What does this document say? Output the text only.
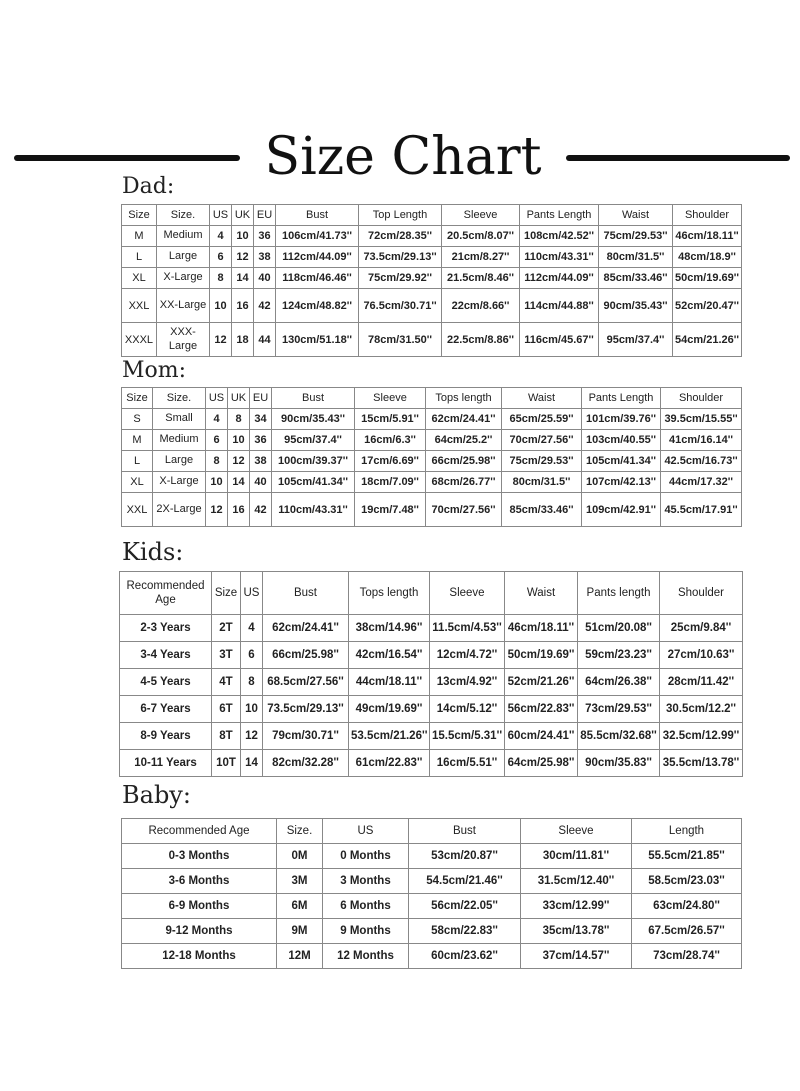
Size Chart
Dad:
Size	Size.	US	UK	EU	Bust	Top Length	Sleeve	Pants Length	Waist	Shoulder
M	Medium	4	10	36	106cm/41.73''	72cm/28.35''	20.5cm/8.07''	108cm/42.52''	75cm/29.53''	46cm/18.11''
L	Large	6	12	38	112cm/44.09''	73.5cm/29.13''	21cm/8.27''	110cm/43.31''	80cm/31.5''	48cm/18.9''
XL	X-Large	8	14	40	118cm/46.46''	75cm/29.92''	21.5cm/8.46''	112cm/44.09''	85cm/33.46''	50cm/19.69''
XXL	XX-Large	10	16	42	124cm/48.82''	76.5cm/30.71''	22cm/8.66''	114cm/44.88''	90cm/35.43''	52cm/20.47''
XXXL	XXX-Large	12	18	44	130cm/51.18''	78cm/31.50''	22.5cm/8.86''	116cm/45.67''	95cm/37.4''	54cm/21.26''
Mom:
Size	Size.	US	UK	EU	Bust	Sleeve	Tops length	Waist	Pants Length	Shoulder
S	Small	4	8	34	90cm/35.43''	15cm/5.91''	62cm/24.41''	65cm/25.59''	101cm/39.76''	39.5cm/15.55''
M	Medium	6	10	36	95cm/37.4''	16cm/6.3''	64cm/25.2''	70cm/27.56''	103cm/40.55''	41cm/16.14''
L	Large	8	12	38	100cm/39.37''	17cm/6.69''	66cm/25.98''	75cm/29.53''	105cm/41.34''	42.5cm/16.73''
XL	X-Large	10	14	40	105cm/41.34''	18cm/7.09''	68cm/26.77''	80cm/31.5''	107cm/42.13''	44cm/17.32''
XXL	2X-Large	12	16	42	110cm/43.31''	19cm/7.48''	70cm/27.56''	85cm/33.46''	109cm/42.91''	45.5cm/17.91''
Kids:
Recommended Age	Size	US	Bust	Tops length	Sleeve	Waist	Pants length	Shoulder
2-3 Years	2T	4	62cm/24.41''	38cm/14.96''	11.5cm/4.53''	46cm/18.11''	51cm/20.08''	25cm/9.84''
3-4 Years	3T	6	66cm/25.98''	42cm/16.54''	12cm/4.72''	50cm/19.69''	59cm/23.23''	27cm/10.63''
4-5 Years	4T	8	68.5cm/27.56''	44cm/18.11''	13cm/4.92''	52cm/21.26''	64cm/26.38''	28cm/11.42''
6-7 Years	6T	10	73.5cm/29.13''	49cm/19.69''	14cm/5.12''	56cm/22.83''	73cm/29.53''	30.5cm/12.2''
8-9 Years	8T	12	79cm/30.71''	53.5cm/21.26''	15.5cm/5.31''	60cm/24.41''	85.5cm/32.68''	32.5cm/12.99''
10-11 Years	10T	14	82cm/32.28''	61cm/22.83''	16cm/5.51''	64cm/25.98''	90cm/35.83''	35.5cm/13.78''
Baby:
Recommended Age	Size.	US	Bust	Sleeve	Length
0-3 Months	0M	0 Months	53cm/20.87''	30cm/11.81''	55.5cm/21.85''
3-6 Months	3M	3 Months	54.5cm/21.46''	31.5cm/12.40''	58.5cm/23.03''
6-9 Months	6M	6 Months	56cm/22.05''	33cm/12.99''	63cm/24.80''
9-12 Months	9M	9 Months	58cm/22.83''	35cm/13.78''	67.5cm/26.57''
12-18 Months	12M	12 Months	60cm/23.62''	37cm/14.57''	73cm/28.74''
